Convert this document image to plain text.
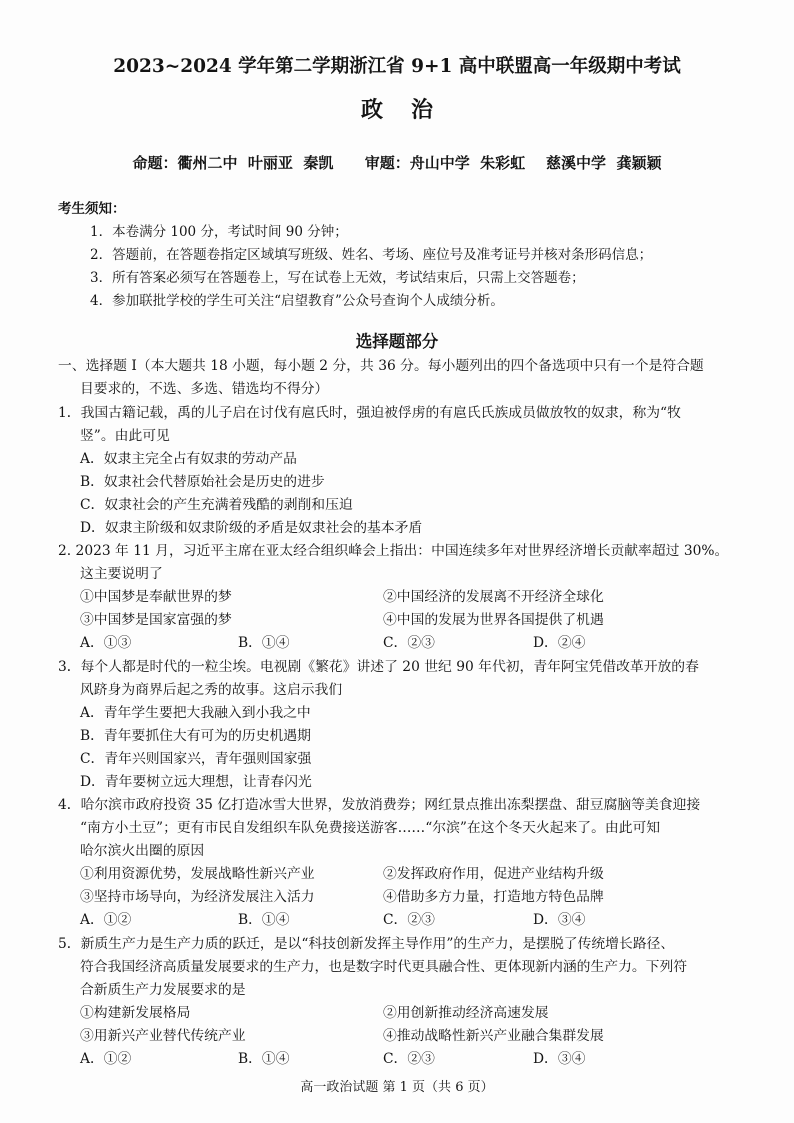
2023~2024 学年第二学期浙江省 9+1 高中联盟高一年级期中考试
政治
命题：衢州二中  叶丽亚  秦凯      审题：舟山中学  朱彩虹    慈溪中学  龚颖颖
考生须知：
1．本卷满分 100 分，考试时间 90 分钟；
2．答题前，在答题卷指定区域填写班级、姓名、考场、座位号及准考证号并核对条形码信息；
3．所有答案必须写在答题卷上，写在试卷上无效，考试结束后，只需上交答题卷；
4．参加联批学校的学生可关注“启望教育”公众号查询个人成绩分析。
选择题部分
一、选择题 I（本大题共 18 小题，每小题 2 分，共 36 分。每小题列出的四个备选项中只有一个是符合题
目要求的，不选、多选、错选均不得分）
1．我国古籍记载，禹的儿子启在讨伐有扈氏时，强迫被俘虏的有扈氏氏族成员做放牧的奴隶，称为“牧
竖”。由此可见
A．奴隶主完全占有奴隶的劳动产品
B．奴隶社会代替原始社会是历史的进步
C．奴隶社会的产生充满着残酷的剥削和压迫
D．奴隶主阶级和奴隶阶级的矛盾是奴隶社会的基本矛盾
2. 2023 年 11 月，习近平主席在亚太经合组织峰会上指出：中国连续多年对世界经济增长贡献率超过 30%。
这主要说明了
①中国梦是奉献世界的梦	②中国经济的发展离不开经济全球化
③中国梦是国家富强的梦	④中国的发展为世界各国提供了机遇
A．①③	B．①④	C．②③	D．②④
3．每个人都是时代的一粒尘埃。电视剧《繁花》讲述了 20 世纪 90 年代初，青年阿宝凭借改革开放的春
风跻身为商界后起之秀的故事。这启示我们
A．青年学生要把大我融入到小我之中
B．青年要抓住大有可为的历史机遇期
C．青年兴则国家兴，青年强则国家强
D．青年要树立远大理想，让青春闪光
4．哈尔滨市政府投资 35 亿打造冰雪大世界，发放消费券；网红景点推出冻梨摆盘、甜豆腐脑等美食迎接
“南方小土豆”；更有市民自发组织车队免费接送游客……“尔滨”在这个冬天火起来了。由此可知
哈尔滨火出圈的原因
①利用资源优势，发展战略性新兴产业	②发挥政府作用，促进产业结构升级
③坚持市场导向，为经济发展注入活力	④借助多方力量，打造地方特色品牌
A．①②	B．①④	C．②③	D．③④
5．新质生产力是生产力质的跃迁，是以“科技创新发挥主导作用”的生产力，是摆脱了传统增长路径、
符合我国经济高质量发展要求的生产力，也是数字时代更具融合性、更体现新内涵的生产力。下列符
合新质生产力发展要求的是
①构建新发展格局	②用创新推动经济高速发展
③用新兴产业替代传统产业	④推动战略性新兴产业融合集群发展
A．①②	B．①④	C．②③	D．③④
高一政治试题 第 1 页（共 6 页）
